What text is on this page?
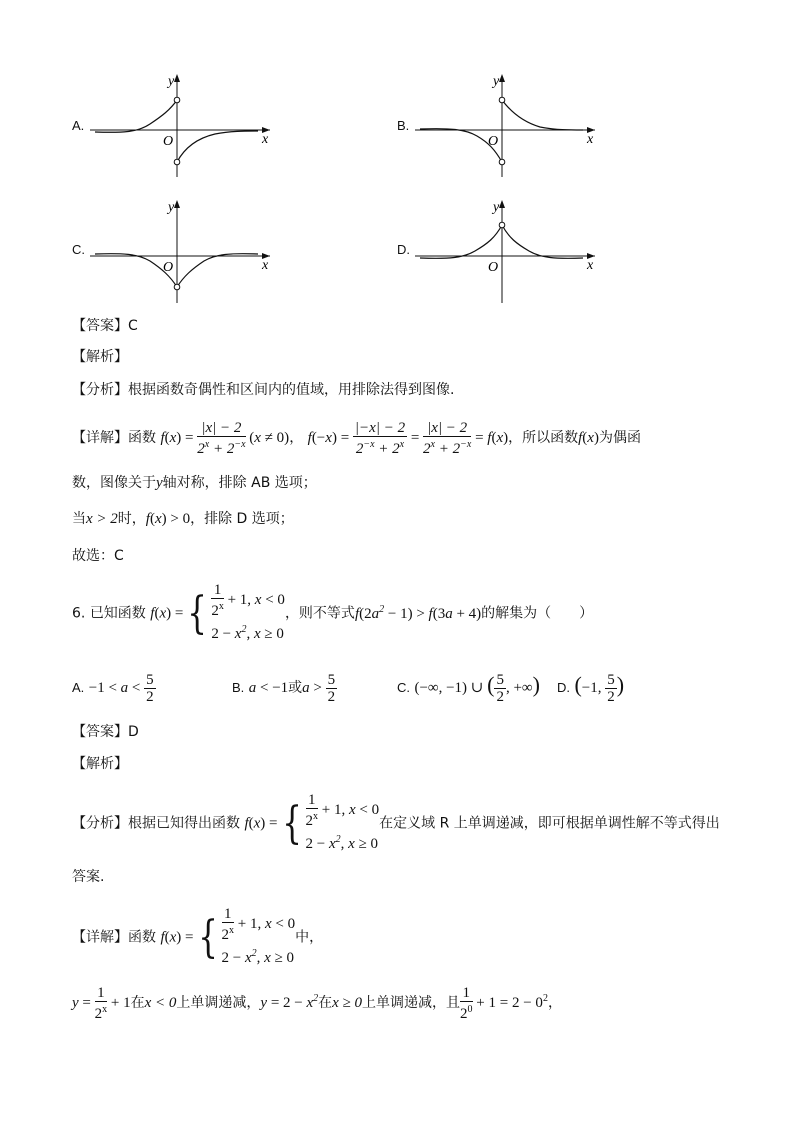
A.
y
x
O
B.
y
x
O
C.
y
x
O
D.
y
x
O
【答案】C
【解析】
【分析】根据函数奇偶性和区间内的值域，用排除法得到图像.
【详解】函数 $f(x) = \frac{|x| - 2}{2^x + 2^{-x}} (x \ne 0)$， $f(-x) = \frac{|-x| - 2}{2^{-x} + 2^x} = \frac{|x| - 2}{2^x + 2^{-x}} = f(x)$，所以函数f(x)为偶函
数，图像关于y轴对称，排除 AB 选项；
当x > 2时，f(x) > 0，排除 D 选项；
故选：C
6. 已知函数 f(x) ={ $\frac{1}{2^x} + 1$, x < 0
$2 - x^2$, x ≥ 0
，则不等式$f(2a^2 - 1) > f(3a + 4)$的解集为（　　）
A. $-1 < a < \frac{5}{2}$	B. a < −1或$a > \frac{5}{2}$	C. (−∞, −1) ∪ ( $\frac{5}{2}$ , +∞) D. (−1, $\frac{5}{2}$ )
【答案】D
【解析】
【分析】根据已知得出函数 f(x) ={ $\frac{1}{2^x} + 1$, x < 0
$2 - x^2$, x ≥ 0
在定义域 R 上单调递减，即可根据单调性解不等式得出
答案.
【详解】函数 f(x) ={ $\frac{1}{2^x} + 1$, x < 0
$2 - x^2$, x ≥ 0
中，
$y = \frac{1}{2^x} + 1$在x < 0上单调递减，$y = 2 - x^2$在x ≥ 0上单调递减，且 $\frac{1}{2^0} + 1 = 2 - 0^2$，
